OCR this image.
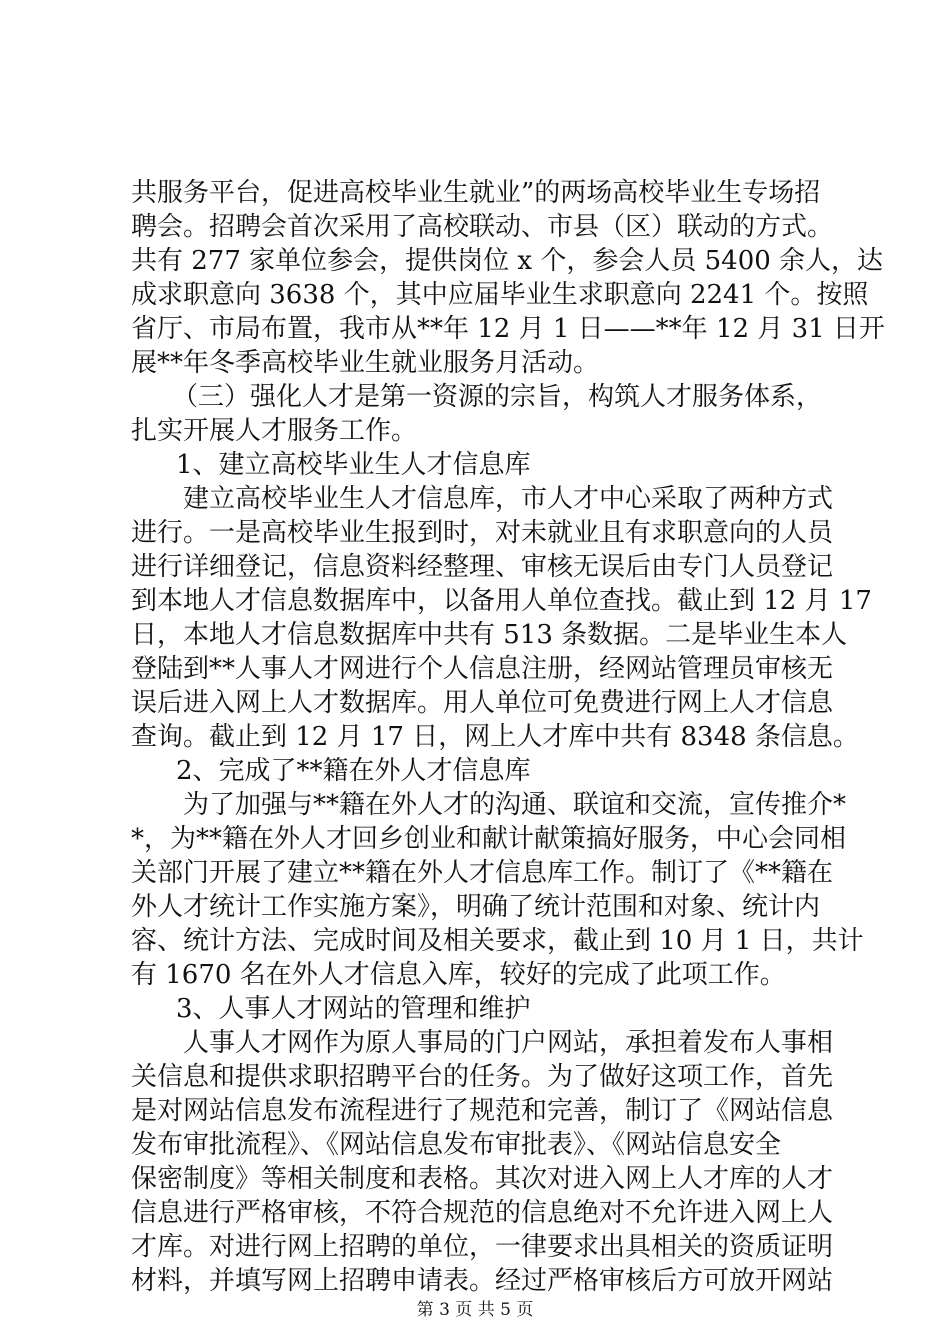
共服务平台，促进高校毕业生就业”的两场高校毕业生专场招
聘会。招聘会首次采用了高校联动、市县（区）联动的方式。
共有 277 家单位参会，提供岗位 x 个，参会人员 5400 余人，达
成求职意向 3638 个，其中应届毕业生求职意向 2241 个。按照
省厅、市局布置，我市从**年 12 月 1 日——**年 12 月 31 日开
展**年冬季高校毕业生就业服务月活动。
（三）强化人才是第一资源的宗旨，构筑人才服务体系，
扎实开展人才服务工作。
1、建立高校毕业生人才信息库
建立高校毕业生人才信息库，市人才中心采取了两种方式
进行。一是高校毕业生报到时，对未就业且有求职意向的人员
进行详细登记，信息资料经整理、审核无误后由专门人员登记
到本地人才信息数据库中，以备用人单位查找。截止到 12 月 17
日，本地人才信息数据库中共有 513 条数据。二是毕业生本人
登陆到**人事人才网进行个人信息注册，经网站管理员审核无
误后进入网上人才数据库。用人单位可免费进行网上人才信息
查询。截止到 12 月 17 日，网上人才库中共有 8348 条信息。
2、完成了**籍在外人才信息库
为了加强与**籍在外人才的沟通、联谊和交流，宣传推介*
*，为**籍在外人才回乡创业和献计献策搞好服务，中心会同相
关部门开展了建立**籍在外人才信息库工作。制订了《**籍在
外人才统计工作实施方案》，明确了统计范围和对象、统计内
容、统计方法、完成时间及相关要求，截止到 10 月 1 日，共计
有 1670 名在外人才信息入库，较好的完成了此项工作。
3、人事人才网站的管理和维护
人事人才网作为原人事局的门户网站，承担着发布人事相
关信息和提供求职招聘平台的任务。为了做好这项工作，首先
是对网站信息发布流程进行了规范和完善，制订了《网站信息
发布审批流程》、《网站信息发布审批表》、《网站信息安全
保密制度》等相关制度和表格。其次对进入网上人才库的人才
信息进行严格审核，不符合规范的信息绝对不允许进入网上人
才库。对进行网上招聘的单位，一律要求出具相关的资质证明
材料，并填写网上招聘申请表。经过严格审核后方可放开网站
第 3 页 共 5 页
